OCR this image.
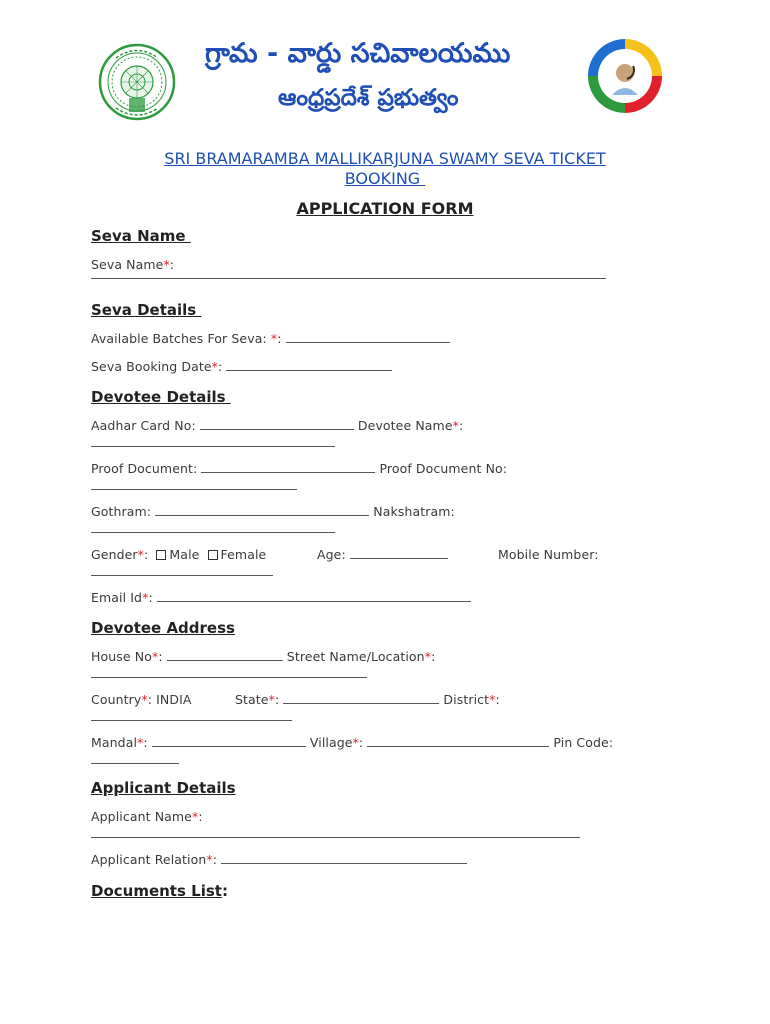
గ్రామ - వార్డు సచివాలయము
ఆంధ్రప్రదేశ్ ప్రభుత్వం
SRI BRAMARAMBA MALLIKARJUNA SWAMY SEVA TICKET
BOOKING
APPLICATION FORM
Seva Name
Seva Name*:
Seva Details
Available Batches For Seva: *:
Seva Booking Date*:
Devotee Details
Aadhar Card No:	Devotee Name*:
Proof Document:	Proof Document No:
Gothram:	Nakshatram:
Gender*: Male Female	Age:	Mobile Number:
Email Id*:
Devotee Address
House No*:	Street Name/Location*:
Country*: INDIA	State*:	District*:
Mandal*:	Village*:	Pin Code:
Applicant Details
Applicant Name*:
Applicant Relation*:
Documents List:
